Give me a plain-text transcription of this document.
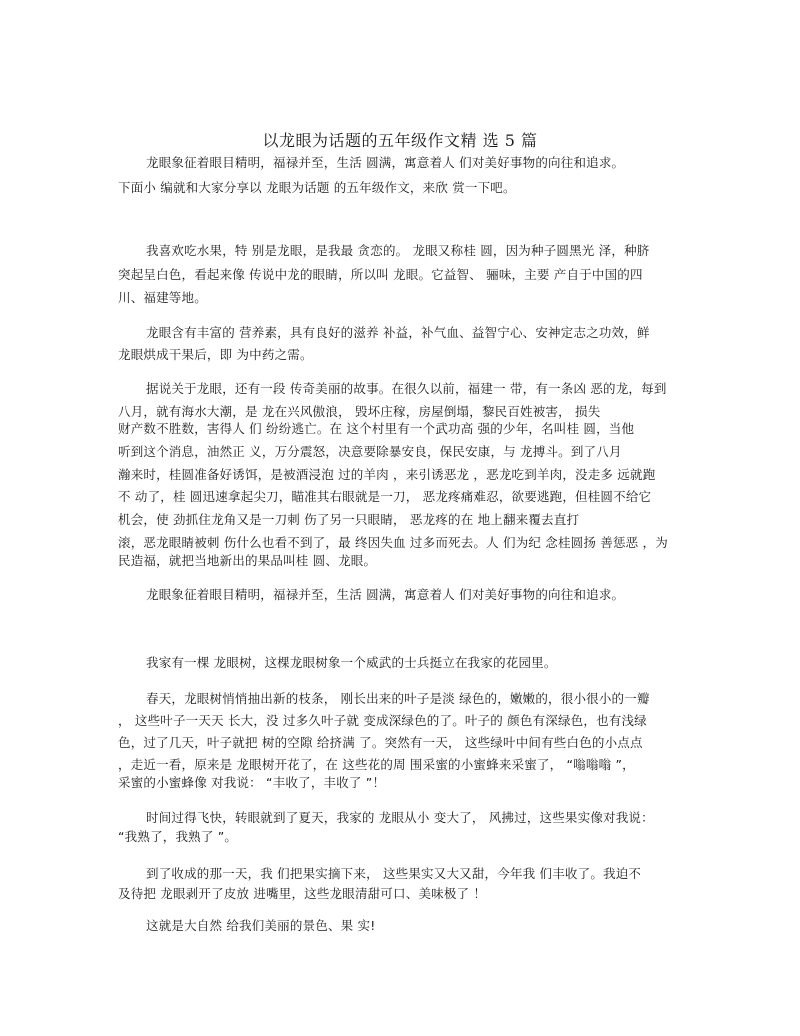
以龙眼为话题的五年级作文精 选 5 篇
龙眼象征着眼目精明，福禄并至，生活 圆满，寓意着人 们对美好事物的向往和追求。
下面小 编就和大家分享以 龙眼为话题 的五年级作文，来欣 赏一下吧。
我喜欢吃水果，特 别是龙眼，是我最 贪恋的。 龙眼又称桂 圆，因为种子圆黑光 泽，种脐
突起呈白色，看起来像 传说中龙的眼睛，所以叫 龙眼。它益智、 骊味，主要 产自于中国的四
川、福建等地。
龙眼含有丰富的 营养素，具有良好的滋养 补益，补气血、益智宁心、安神定志之功效，鲜
龙眼烘成干果后，即 为中药之需。
据说关于龙眼，还有一段 传奇美丽的故事。在很久以前，福建一 带，有一条凶 恶的龙，每到
八月，就有海水大潮，是 龙在兴风傲浪， 毁坏庄稼，房屋倒塌，黎民百姓被害， 损失
财产数不胜数，害得人 们 纷纷逃亡。在 这个村里有一个武功高 强的少年，名叫桂 圆，当他
听到这个消息，油然正 义，万分震怒，决意要除暴安良，保民安康，与 龙搏斗。到了八月
瀚来时，桂圆准备好诱饵，是被酒浸泡 过的羊肉 ，来引诱恶龙 ，恶龙吃到羊肉，没走多 远就跑
不 动了，桂 圆迅速拿起尖刀，瞄准其右眼就是一刀， 恶龙疼痛难忍，欲要逃跑，但桂圆不给它
机会，使 劲抓住龙角又是一刀刺 伤了另一只眼睛， 恶龙疼的在 地上翻来覆去直打
滚，恶龙眼睛被刺 伤什么也看不到了，最 终因失血 过多而死去。人 们为纪 念桂圆扬 善惩恶 ，为
民造福，就把当地新出的果品叫桂 圆、龙眼。
龙眼象征着眼目精明，福禄并至，生活 圆满，寓意着人 们对美好事物的向往和追求。
我家有一棵 龙眼树，这棵龙眼树象一个威武的士兵挺立在我家的花园里。
春天，龙眼树悄悄抽出新的枝条， 刚长出来的叶子是淡 绿色的，嫩嫩的，很小很小的一瓣
， 这些叶子一天天 长大，没 过多久叶子就 变成深绿色的了。叶子的 颜色有深绿色，也有浅绿
色，过了几天，叶子就把 树的空隙 给挤满 了。突然有一天， 这些绿叶中间有些白色的小点点
，走近一看，原来是 龙眼树开花了，在 这些花的周 围采蜜的小蜜蜂来采蜜了， “嗡嗡嗡 ”，
采蜜的小蜜蜂像 对我说： “丰收了，丰收了 ”！
时间过得飞快，转眼就到了夏天，我家的 龙眼从小 变大了， 风拂过，这些果实像对我说：
“我熟了，我熟了 ”。
到了收成的那一天，我 们把果实摘下来， 这些果实又大又甜，今年我 们丰收了。我迫不
及待把 龙眼剥开了皮放 进嘴里，这些龙眼清甜可口、美味极了 ！
这就是大自然 给我们美丽的景色、果 实!
